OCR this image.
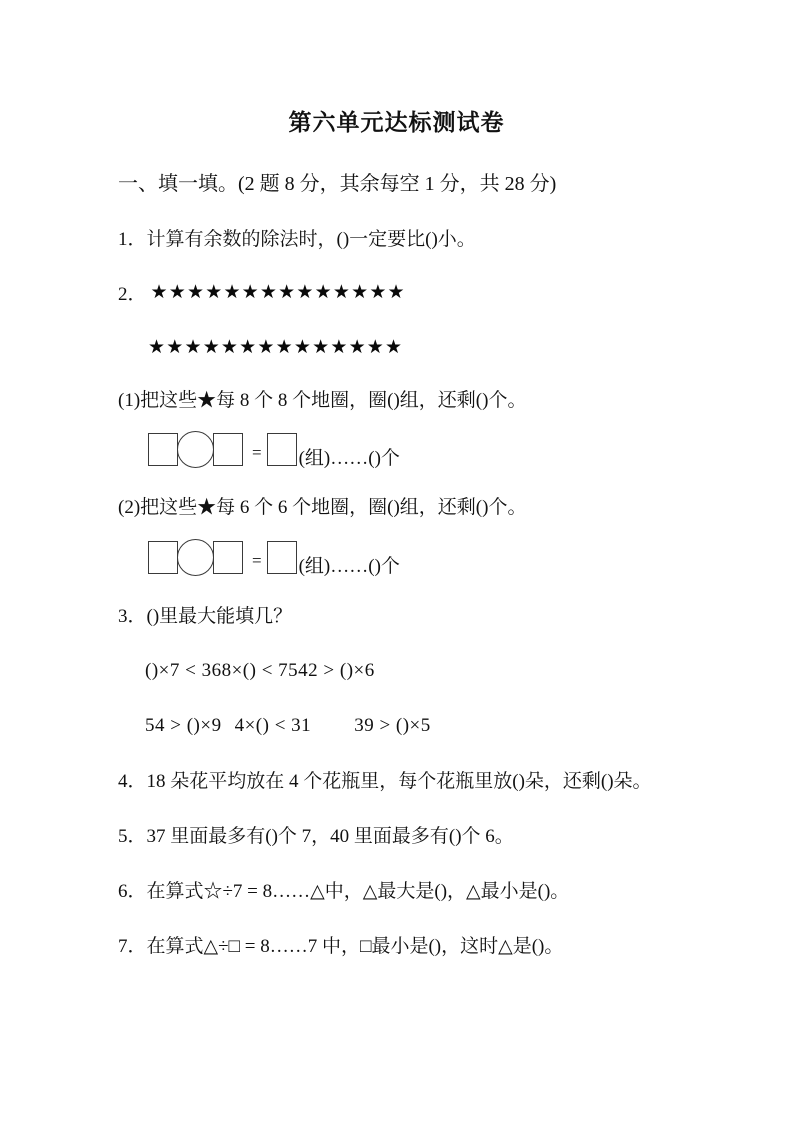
第六单元达标测试卷
一、填一填。(2 题 8 分，其余每空 1 分，共 28 分)
1．计算有余数的除法时，()一定要比()小。
2． ★★★★★★★★★★★★★★
★★★★★★★★★★★★★★
(1)把这些★每 8 个 8 个地圈，圈()组，还剩()个。
= (组)……()个
(2)把这些★每 6 个 6 个地圈，圈()组，还剩()个。
= (组)……()个
3．()里最大能填几？
()×7 < 368×() < 7542 > ()×6
54 > ()×9 4×() < 31 39 > ()×5
4．18 朵花平均放在 4 个花瓶里，每个花瓶里放()朵，还剩()朵。
5．37 里面最多有()个 7，40 里面最多有()个 6。
6．在算式☆÷7 = 8……△中，△最大是()，△最小是()。
7．在算式△÷□ = 8……7 中，□最小是()，这时△是()。
